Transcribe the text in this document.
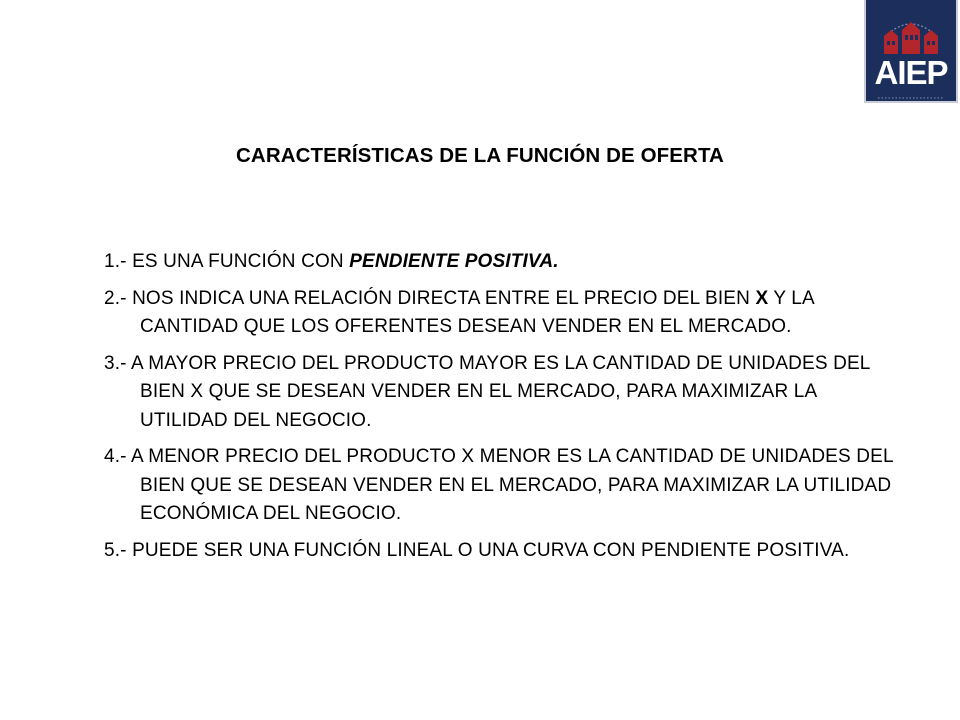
AIEP
CARACTERÍSTICAS DE LA FUNCIÓN DE OFERTA
1.- ES UNA FUNCIÓN CON PENDIENTE POSITIVA.
2.- NOS INDICA UNA RELACIÓN DIRECTA ENTRE EL PRECIO DEL BIEN X Y LA CANTIDAD QUE LOS OFERENTES DESEAN VENDER EN EL MERCADO.
3.- A MAYOR PRECIO DEL PRODUCTO MAYOR ES LA CANTIDAD DE UNIDADES DEL BIEN X QUE SE DESEAN VENDER EN EL MERCADO, PARA MAXIMIZAR LA UTILIDAD DEL NEGOCIO.
4.- A MENOR PRECIO DEL PRODUCTO X MENOR ES LA CANTIDAD DE UNIDADES DEL BIEN QUE SE DESEAN VENDER EN EL MERCADO, PARA MAXIMIZAR LA UTILIDAD ECONÓMICA DEL NEGOCIO.
5.- PUEDE SER UNA FUNCIÓN LINEAL O UNA CURVA CON PENDIENTE POSITIVA.
